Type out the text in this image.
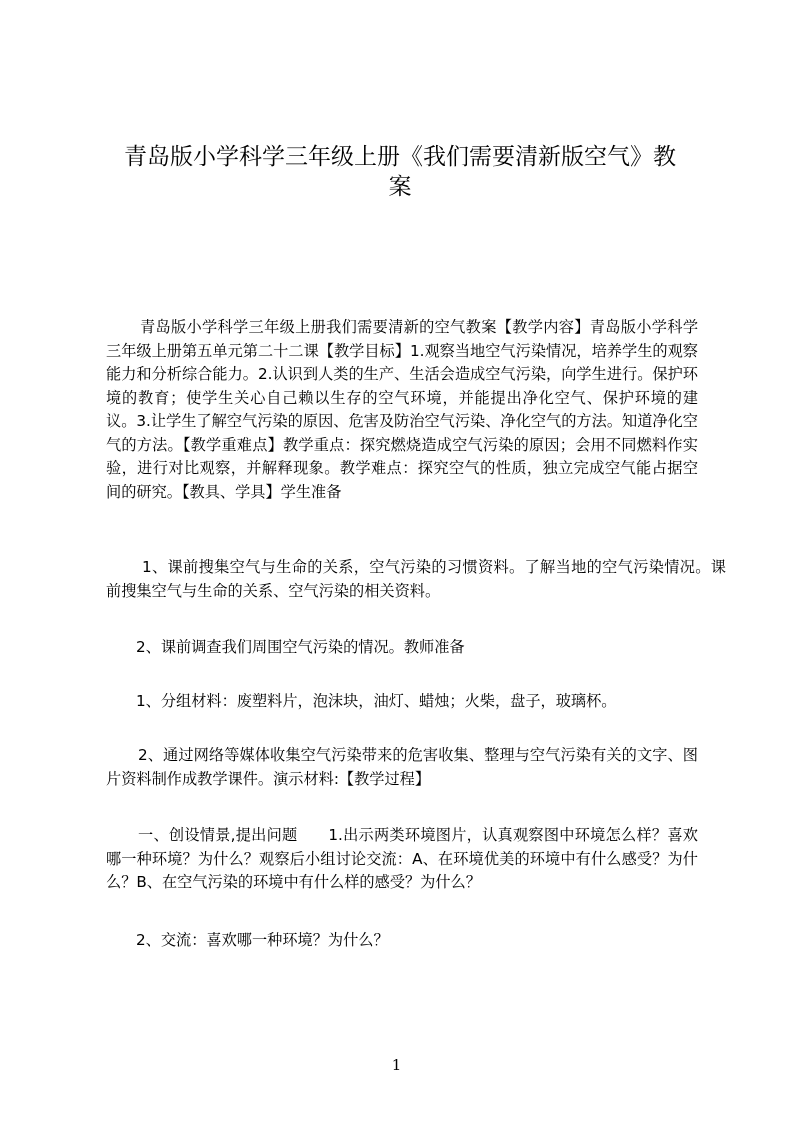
青岛版小学科学三年级上册《我们需要清新版空气》教
案

青岛版小学科学三年级上册我们需要清新的空气教案【教学内容】青岛版小学科学三年级上册第五单元第二十二课【教学目标】1.观察当地空气污染情况，培养学生的观察能力和分析综合能力。2.认识到人类的生产、生活会造成空气污染，向学生进行。保护环境的教育；使学生关心自己赖以生存的空气环境，并能提出净化空气、保护环境的建议。3.让学生了解空气污染的原因、危害及防治空气污染、净化空气的方法。知道净化空气的方法。【教学重难点】教学重点：探究燃烧造成空气污染的原因；会用不同燃料作实验，进行对比观察，并解释现象。教学难点：探究空气的性质，独立完成空气能占据空间的研究。【教具、学具】学生准备

1、课前搜集空气与生命的关系，空气污染的习惯资料。了解当地的空气污染情况。课前搜集空气与生命的关系、空气污染的相关资料。

2、课前调查我们周围空气污染的情况。教师准备

1、分组材料：废塑料片，泡沫块，油灯、蜡烛；火柴，盘子，玻璃杯。

2、通过网络等媒体收集空气污染带来的危害收集、整理与空气污染有关的文字、图片资料制作成教学课件。演示材料:【教学过程】

一、创设情景,提出问题　　1.出示两类环境图片，认真观察图中环境怎么样？喜欢哪一种环境？为什么？观察后小组讨论交流：A、在环境优美的环境中有什么感受？为什么？B、在空气污染的环境中有什么样的感受？为什么？

2、交流：喜欢哪一种环境？为什么？

1
